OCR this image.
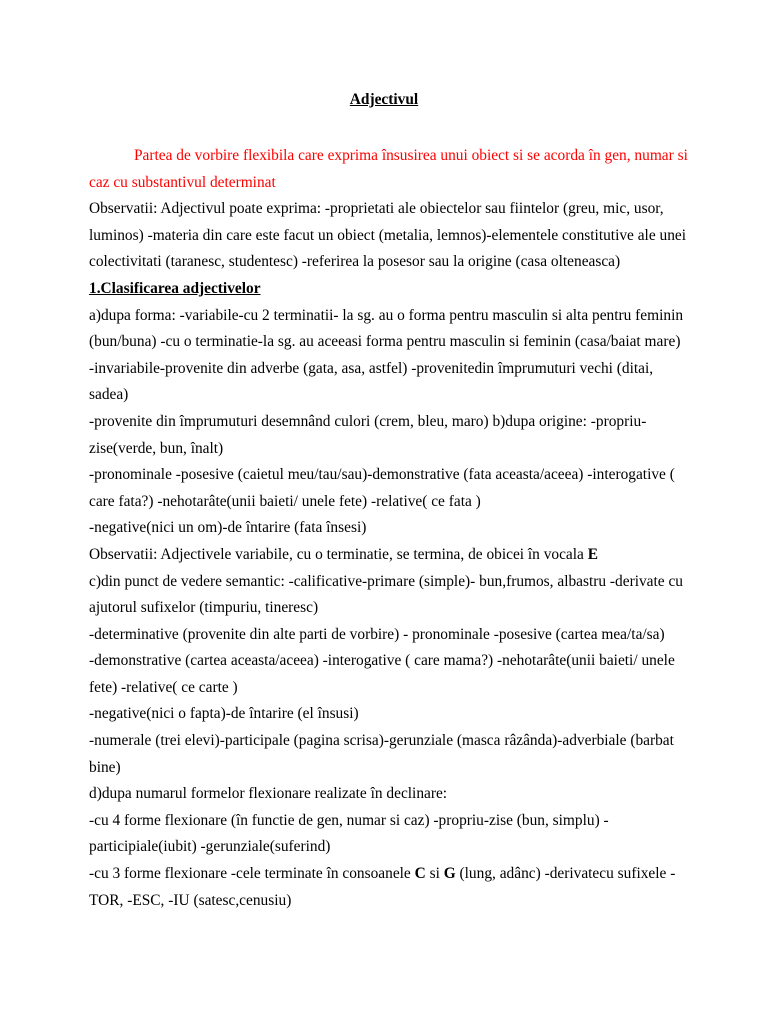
Adjectivul

Partea de vorbire flexibila care exprima însusirea unui obiect si se acorda în gen, numar si caz cu substantivul determinat

Observatii: Adjectivul poate exprima: -proprietati ale obiectelor sau fiintelor (greu, mic, usor, luminos) -materia din care este facut un obiect (metalia, lemnos)-elementele constitutive ale unei colectivitati (taranesc, studentesc) -referirea la posesor sau la origine (casa olteneasca)

1.Clasificarea adjectivelor

a)dupa forma: -variabile-cu 2 terminatii- la sg. au o forma pentru masculin si alta pentru feminin (bun/buna) -cu o terminatie-la sg. au aceeasi forma pentru masculin si feminin (casa/baiat mare)

-invariabile-provenite din adverbe (gata, asa, astfel) -provenitedin împrumuturi vechi (ditai, sadea)

-provenite din împrumuturi desemnând culori (crem, bleu, maro) b)dupa origine: -propriu-zise(verde, bun, înalt)

-pronominale -posesive (caietul meu/tau/sau)-demonstrative (fata aceasta/aceea) -interogative ( care fata?) -nehotarâte(unii baieti/ unele fete) -relative( ce fata )

-negative(nici un om)-de întarire (fata însesi)

Observatii: Adjectivele variabile, cu o terminatie, se termina, de obicei în vocala E

c)din punct de vedere semantic: -calificative-primare (simple)- bun,frumos, albastru -derivate cu ajutorul sufixelor (timpuriu, tineresc)

-determinative (provenite din alte parti de vorbire) - pronominale -posesive (cartea mea/ta/sa)

-demonstrative (cartea aceasta/aceea) -interogative ( care mama?) -nehotarâte(unii baieti/ unele fete) -relative( ce carte )

-negative(nici o fapta)-de întarire (el însusi)

-numerale (trei elevi)-participale (pagina scrisa)-gerunziale (masca râzânda)-adverbiale (barbat bine)

d)dupa numarul formelor flexionare realizate în declinare:

-cu 4 forme flexionare (în functie de gen, numar si caz) -propriu-zise (bun, simplu) -participiale(iubit) -gerunziale(suferind)

-cu 3 forme flexionare -cele terminate în consoanele C si G (lung, adânc) -derivatecu sufixele -TOR, -ESC, -IU (satesc,cenusiu)
